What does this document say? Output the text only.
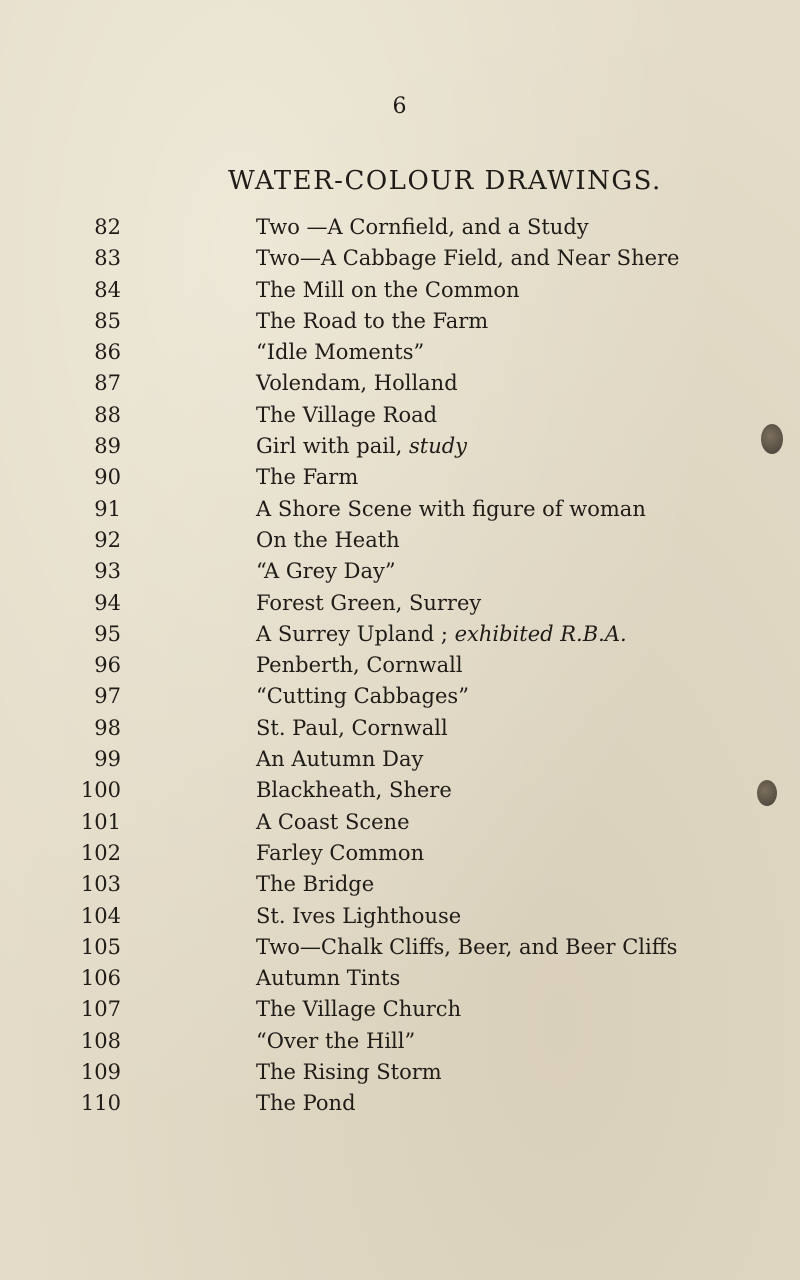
6
WATER-COLOUR DRAWINGS.
82	Two —A Cornfield, and a Study
83	Two—A Cabbage Field, and Near Shere
84	The Mill on the Common
85	The Road to the Farm
86	“Idle Moments”
87	Volendam, Holland
88	The Village Road
89	Girl with pail, study
90	The Farm
91	A Shore Scene with figure of woman
92	On the Heath
93	“A Grey Day”
94	Forest Green, Surrey
95	A Surrey Upland ; exhibited R.B.A.
96	Penberth, Cornwall
97	“Cutting Cabbages”
98	St. Paul, Cornwall
99	An Autumn Day
100	Blackheath, Shere
101	A Coast Scene
102	Farley Common
103	The Bridge
104	St. Ives Lighthouse
105	Two—Chalk Cliffs, Beer, and Beer Cliffs
106	Autumn Tints
107	The Village Church
108	“Over the Hill”
109	The Rising Storm
110	The Pond
